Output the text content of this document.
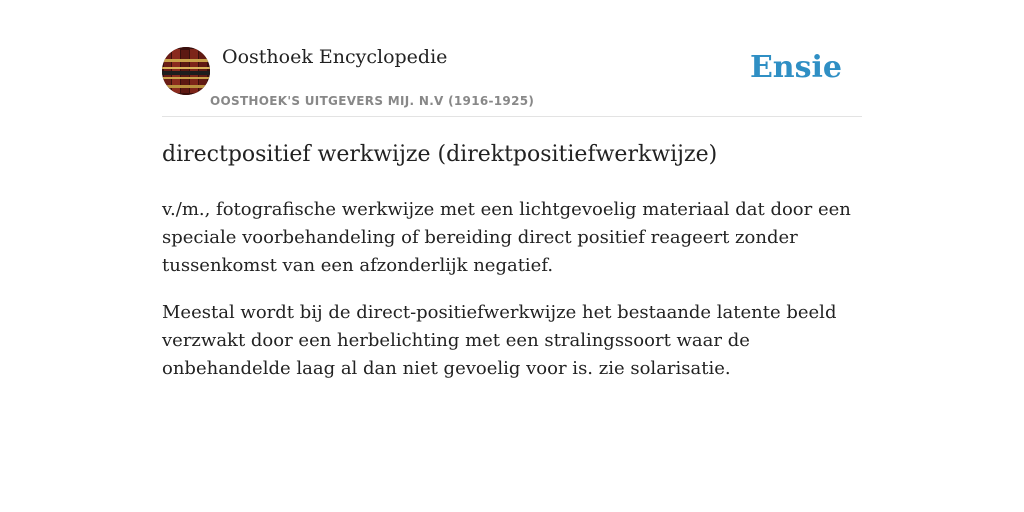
Oosthoek Encyclopedie
OOSTHOEK'S UITGEVERS MIJ. N.V (1916-1925)
Ensie
directpositief werkwijze (direktpositiefwerkwijze)

v./m., fotografische werkwijze met een lichtgevoelig materiaal dat door een speciale voorbehandeling of bereiding direct positief reageert zonder tussenkomst van een afzonderlijk negatief.

Meestal wordt bij de direct-positiefwerkwijze het bestaande latente beeld verzwakt door een herbelichting met een stralingssoort waar de onbehandelde laag al dan niet gevoelig voor is. zie solarisatie.
